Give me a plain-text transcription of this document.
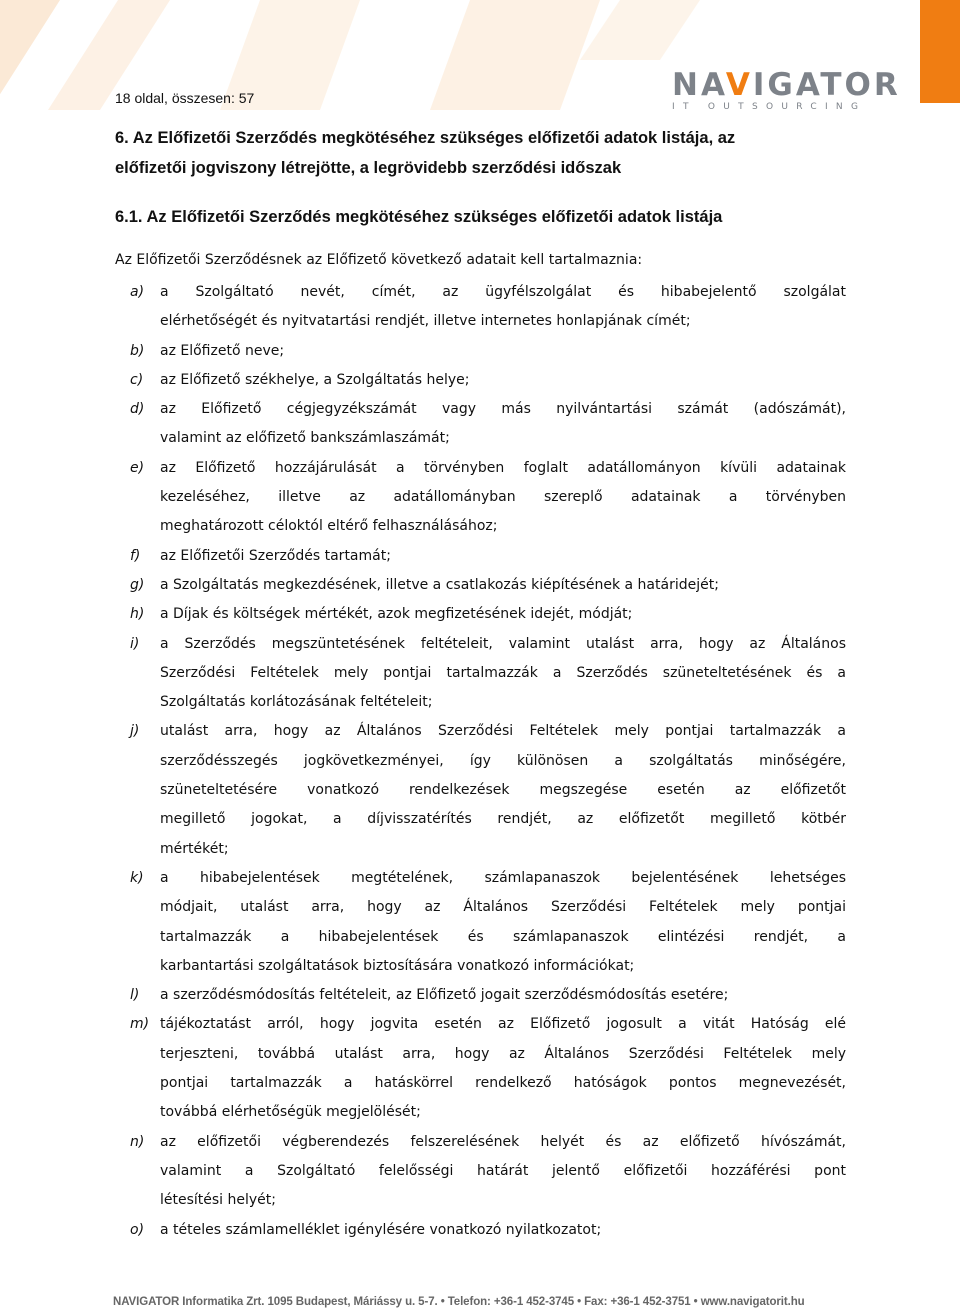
NAVIGATOR
IT OUTSOURCING
18 oldal, összesen: 57
6. Az Előfizetői Szerződés megkötéséhez szükséges előfizetői adatok listája, az
előfizetői jogviszony létrejötte, a legrövidebb szerződési időszak
6.1. Az Előfizetői Szerződés megkötéséhez szükséges előfizetői adatok listája
Az Előfizetői Szerződésnek az Előfizető következő adatait kell tartalmaznia:
a) a Szolgáltató nevét, címét, az ügyfélszolgálat és hibabejelentő szolgálat
elérhetőségét és nyitvatartási rendjét, illetve internetes honlapjának címét;
b) az Előfizető neve;
c) az Előfizető székhelye, a Szolgáltatás helye;
d) az Előfizető cégjegyzékszámát vagy más nyilvántartási számát (adószámát),
valamint az előfizető bankszámlaszámát;
e) az Előfizető hozzájárulását a törvényben foglalt adatállományon kívüli adatainak
kezeléséhez, illetve az adatállományban szereplő adatainak a törvényben
meghatározott céloktól eltérő felhasználásához;
f) az Előfizetői Szerződés tartamát;
g) a Szolgáltatás megkezdésének, illetve a csatlakozás kiépítésének a határidejét;
h) a Díjak és költségek mértékét, azok megfizetésének idejét, módját;
i) a Szerződés megszüntetésének feltételeit, valamint utalást arra, hogy az Általános
Szerződési Feltételek mely pontjai tartalmazzák a Szerződés szüneteltetésének és a
Szolgáltatás korlátozásának feltételeit;
j) utalást arra, hogy az Általános Szerződési Feltételek mely pontjai tartalmazzák a
szerződésszegés jogkövetkezményei, így különösen a szolgáltatás minőségére,
szüneteltetésére vonatkozó rendelkezések megszegése esetén az előfizetőt
megillető jogokat, a díjvisszatérítés rendjét, az előfizetőt megillető kötbér
mértékét;
k) a hibabejelentések megtételének, számlapanaszok bejelentésének lehetséges
módjait, utalást arra, hogy az Általános Szerződési Feltételek mely pontjai
tartalmazzák a hibabejelentések és számlapanaszok elintézési rendjét, a
karbantartási szolgáltatások biztosítására vonatkozó információkat;
l) a szerződésmódosítás feltételeit, az Előfizető jogait szerződésmódosítás esetére;
m) tájékoztatást arról, hogy jogvita esetén az Előfizető jogosult a vitát Hatóság elé
terjeszteni, továbbá utalást arra, hogy az Általános Szerződési Feltételek mely
pontjai tartalmazzák a hatáskörrel rendelkező hatóságok pontos megnevezését,
továbbá elérhetőségük megjelölését;
n) az előfizetői végberendezés felszerelésének helyét és az előfizető hívószámát,
valamint a Szolgáltató felelősségi határát jelentő előfizetői hozzáférési pont
létesítési helyét;
o) a tételes számlamelléklet igénylésére vonatkozó nyilatkozatot;
NAVIGATOR Informatika Zrt. 1095 Budapest, Máriássy u. 5-7. • Telefon: +36-1 452-3745 • Fax: +36-1 452-3751 • www.navigatorit.hu
